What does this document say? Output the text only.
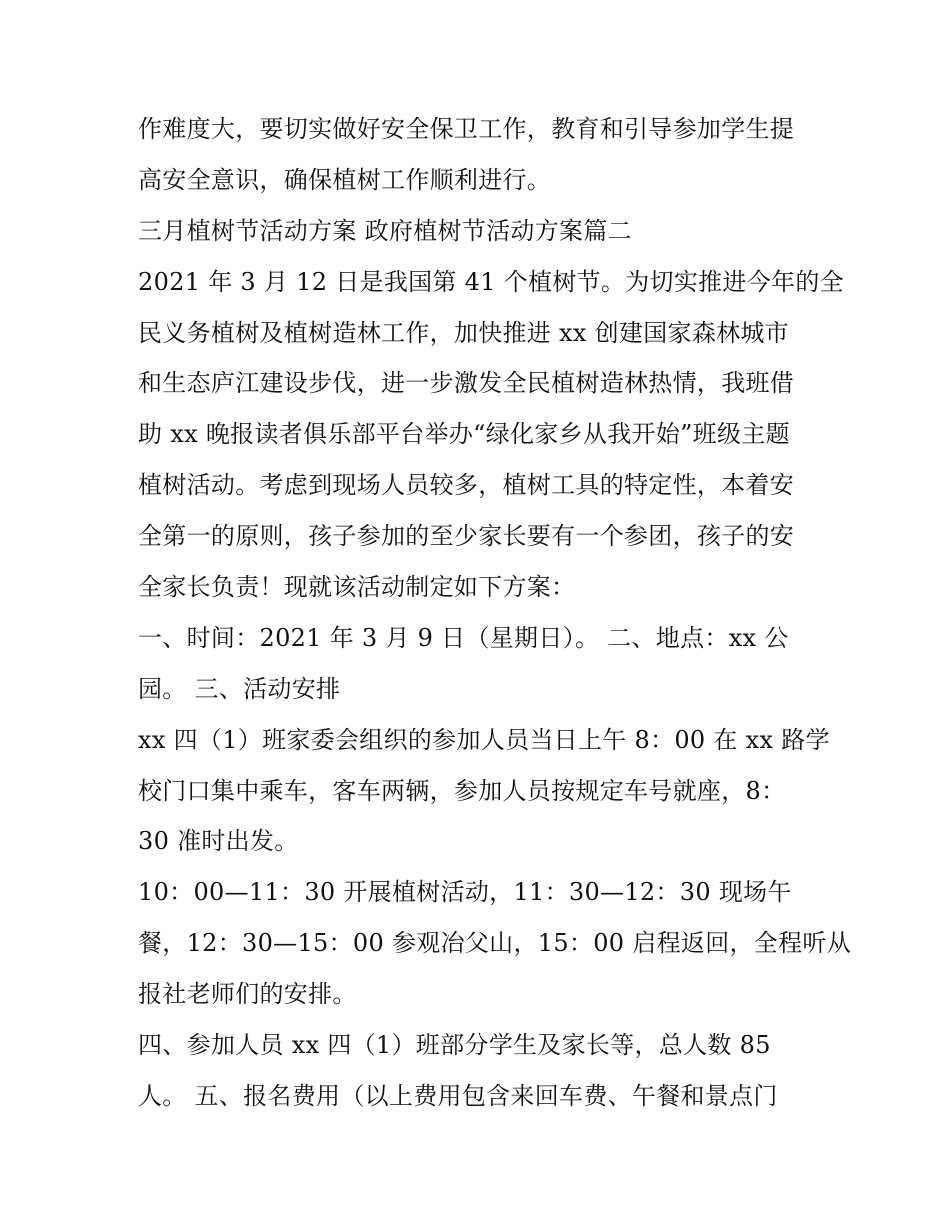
作难度大，要切实做好安全保卫工作，教育和引导参加学生提
高安全意识，确保植树工作顺利进行。
三月植树节活动方案 政府植树节活动方案篇二
2021 年 3 月 12 日是我国第 41 个植树节。为切实推进今年的全
民义务植树及植树造林工作，加快推进 xx 创建国家森林城市
和生态庐江建设步伐，进一步激发全民植树造林热情，我班借
助 xx 晚报读者俱乐部平台举办“绿化家乡从我开始”班级主题
植树活动。考虑到现场人员较多，植树工具的特定性，本着安
全第一的原则，孩子参加的至少家长要有一个参团，孩子的安
全家长负责！现就该活动制定如下方案：
一、时间：2021 年 3 月 9 日（星期日）。 二、地点：xx 公
园。 三、活动安排
xx 四（1）班家委会组织的参加人员当日上午 8：00 在 xx 路学
校门口集中乘车，客车两辆，参加人员按规定车号就座，8：
30 准时出发。
10：00—11：30 开展植树活动，11：30—12：30 现场午
餐，12：30—15：00 参观冶父山，15：00 启程返回，全程听从
报社老师们的安排。
四、参加人员 xx 四（1）班部分学生及家长等，总人数 85
人。 五、报名费用（以上费用包含来回车费、午餐和景点门
